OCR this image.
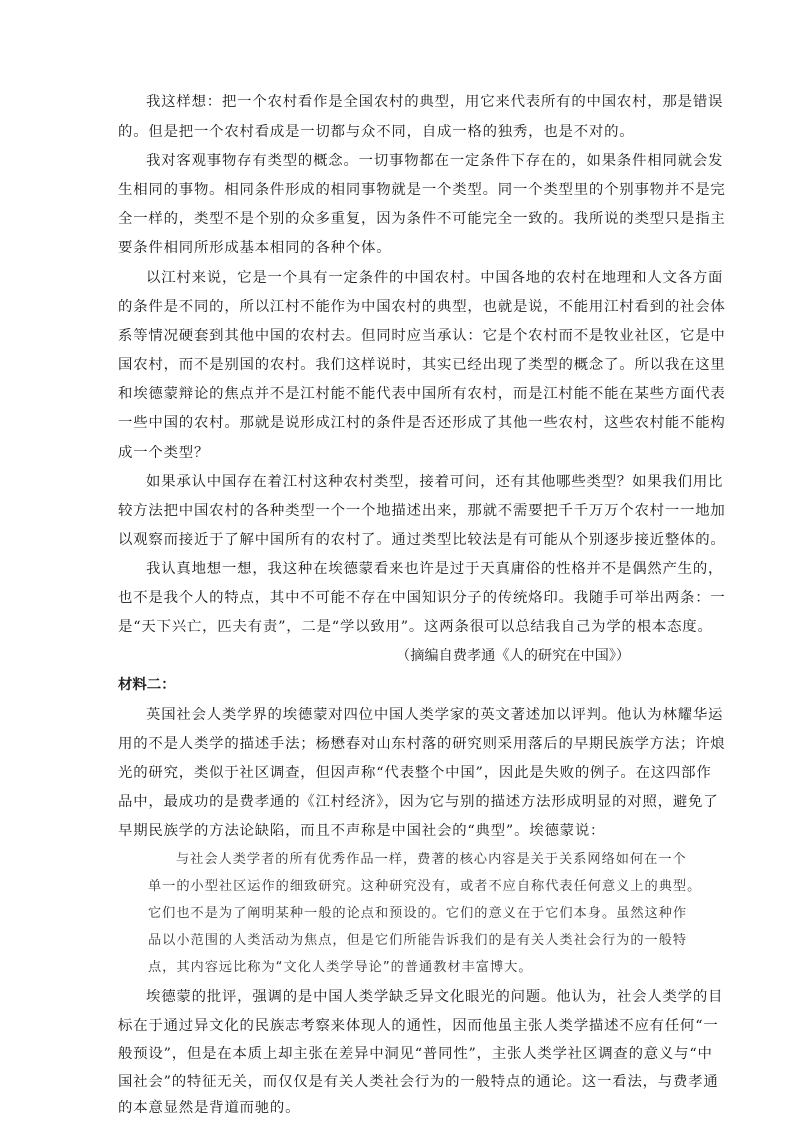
我这样想：把一个农村看作是全国农村的典型，用它来代表所有的中国农村，那是错误
的。但是把一个农村看成是一切都与众不同，自成一格的独秀，也是不对的。
我对客观事物存有类型的概念。一切事物都在一定条件下存在的，如果条件相同就会发
生相同的事物。相同条件形成的相同事物就是一个类型。同一个类型里的个别事物并不是完
全一样的，类型不是个别的众多重复，因为条件不可能完全一致的。我所说的类型只是指主
要条件相同所形成基本相同的各种个体。
以江村来说，它是一个具有一定条件的中国农村。中国各地的农村在地理和人文各方面
的条件是不同的，所以江村不能作为中国农村的典型，也就是说，不能用江村看到的社会体
系等情况硬套到其他中国的农村去。但同时应当承认：它是个农村而不是牧业社区，它是中
国农村，而不是别国的农村。我们这样说时，其实已经出现了类型的概念了。所以我在这里
和埃德蒙辩论的焦点并不是江村能不能代表中国所有农村，而是江村能不能在某些方面代表
一些中国的农村。那就是说形成江村的条件是否还形成了其他一些农村，这些农村能不能构
成一个类型？
如果承认中国存在着江村这种农村类型，接着可问，还有其他哪些类型？如果我们用比
较方法把中国农村的各种类型一个一个地描述出来，那就不需要把千千万万个农村一一地加
以观察而接近于了解中国所有的农村了。通过类型比较法是有可能从个别逐步接近整体的。
我认真地想一想，我这种在埃德蒙看来也许是过于天真庸俗的性格并不是偶然产生的，
也不是我个人的特点，其中不可能不存在中国知识分子的传统烙印。我随手可举出两条：一
是“天下兴亡，匹夫有责”，二是“学以致用”。这两条很可以总结我自己为学的根本态度。
（摘编自费孝通《人的研究在中国》）
材料二：
英国社会人类学界的埃德蒙对四位中国人类学家的英文著述加以评判。他认为林耀华运
用的不是人类学的描述手法；杨懋春对山东村落的研究则采用落后的早期民族学方法；许烺
光的研究，类似于社区调查，但因声称“代表整个中国”，因此是失败的例子。在这四部作
品中，最成功的是费孝通的《江村经济》，因为它与别的描述方法形成明显的对照，避免了
早期民族学的方法论缺陷，而且不声称是中国社会的“典型”。埃德蒙说：
与社会人类学者的所有优秀作品一样，费著的核心内容是关于关系网络如何在一个
单一的小型社区运作的细致研究。这种研究没有，或者不应自称代表任何意义上的典型。
它们也不是为了阐明某种一般的论点和预设的。它们的意义在于它们本身。虽然这种作
品以小范围的人类活动为焦点，但是它们所能告诉我们的是有关人类社会行为的一般特
点，其内容远比称为“文化人类学导论”的普通教材丰富博大。
埃德蒙的批评，强调的是中国人类学缺乏异文化眼光的问题。他认为，社会人类学的目
标在于通过异文化的民族志考察来体现人的通性，因而他虽主张人类学描述不应有任何“一
般预设”，但是在本质上却主张在差异中洞见“普同性”，主张人类学社区调查的意义与“中
国社会”的特征无关，而仅仅是有关人类社会行为的一般特点的通论。这一看法，与费孝通
的本意显然是背道而驰的。
